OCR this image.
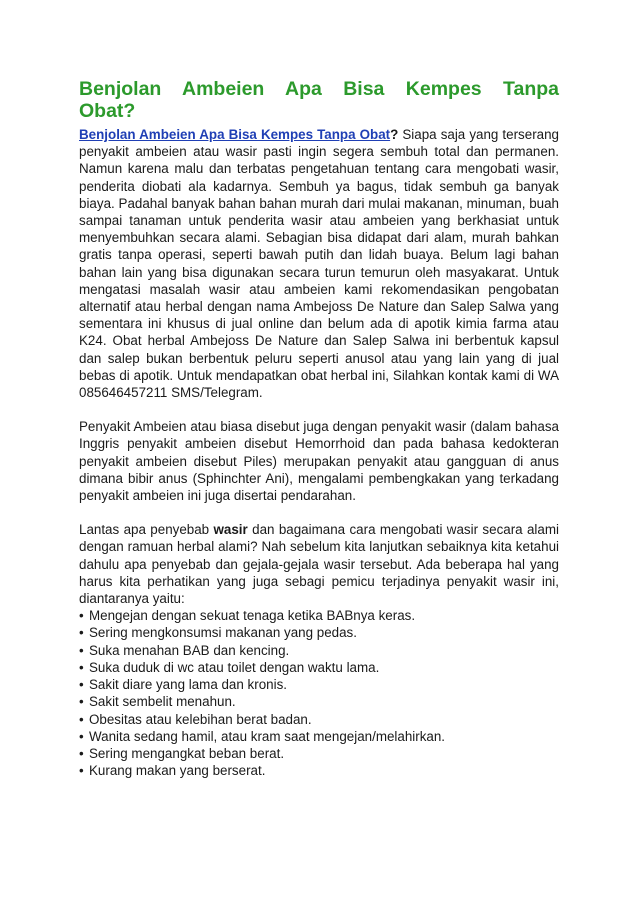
Benjolan Ambeien Apa Bisa Kempes Tanpa Obat?

Benjolan Ambeien Apa Bisa Kempes Tanpa Obat? Siapa saja yang terserang penyakit ambeien atau wasir pasti ingin segera sembuh total dan permanen. Namun karena malu dan terbatas pengetahuan tentang cara mengobati wasir, penderita diobati ala kadarnya. Sembuh ya bagus, tidak sembuh ga banyak biaya. Padahal banyak bahan bahan murah dari mulai makanan, minuman, buah sampai tanaman untuk penderita wasir atau ambeien yang berkhasiat untuk menyembuhkan secara alami. Sebagian bisa didapat dari alam, murah bahkan gratis tanpa operasi, seperti bawah putih dan lidah buaya. Belum lagi bahan bahan lain yang bisa digunakan secara turun temurun oleh masyakarat. Untuk mengatasi masalah wasir atau ambeien kami rekomendasikan pengobatan alternatif atau herbal dengan nama Ambejoss De Nature dan Salep Salwa yang sementara ini khusus di jual online dan belum ada di apotik kimia farma atau K24. Obat herbal Ambejoss De Nature dan Salep Salwa ini berbentuk kapsul dan salep bukan berbentuk peluru seperti anusol atau yang lain yang di jual bebas di apotik. Untuk mendapatkan obat herbal ini, Silahkan kontak kami di WA 085646457211 SMS/Telegram.

Penyakit Ambeien atau biasa disebut juga dengan penyakit wasir (dalam bahasa Inggris penyakit ambeien disebut Hemorrhoid dan pada bahasa kedokteran penyakit ambeien disebut Piles) merupakan penyakit atau gangguan di anus dimana bibir anus (Sphinchter Ani), mengalami pembengkakan yang terkadang penyakit ambeien ini juga disertai pendarahan.

Lantas apa penyebab wasir dan bagaimana cara mengobati wasir secara alami dengan ramuan herbal alami? Nah sebelum kita lanjutkan sebaiknya kita ketahui dahulu apa penyebab dan gejala-gejala wasir tersebut. Ada beberapa hal yang harus kita perhatikan yang juga sebagi pemicu terjadinya penyakit wasir ini, diantaranya yaitu:

• Mengejan dengan sekuat tenaga ketika BABnya keras.
• Sering mengkonsumsi makanan yang pedas.
• Suka menahan BAB dan kencing.
• Suka duduk di wc atau toilet dengan waktu lama.
• Sakit diare yang lama dan kronis.
• Sakit sembelit menahun.
• Obesitas atau kelebihan berat badan.
• Wanita sedang hamil, atau kram saat mengejan/melahirkan.
• Sering mengangkat beban berat.
• Kurang makan yang berserat.
